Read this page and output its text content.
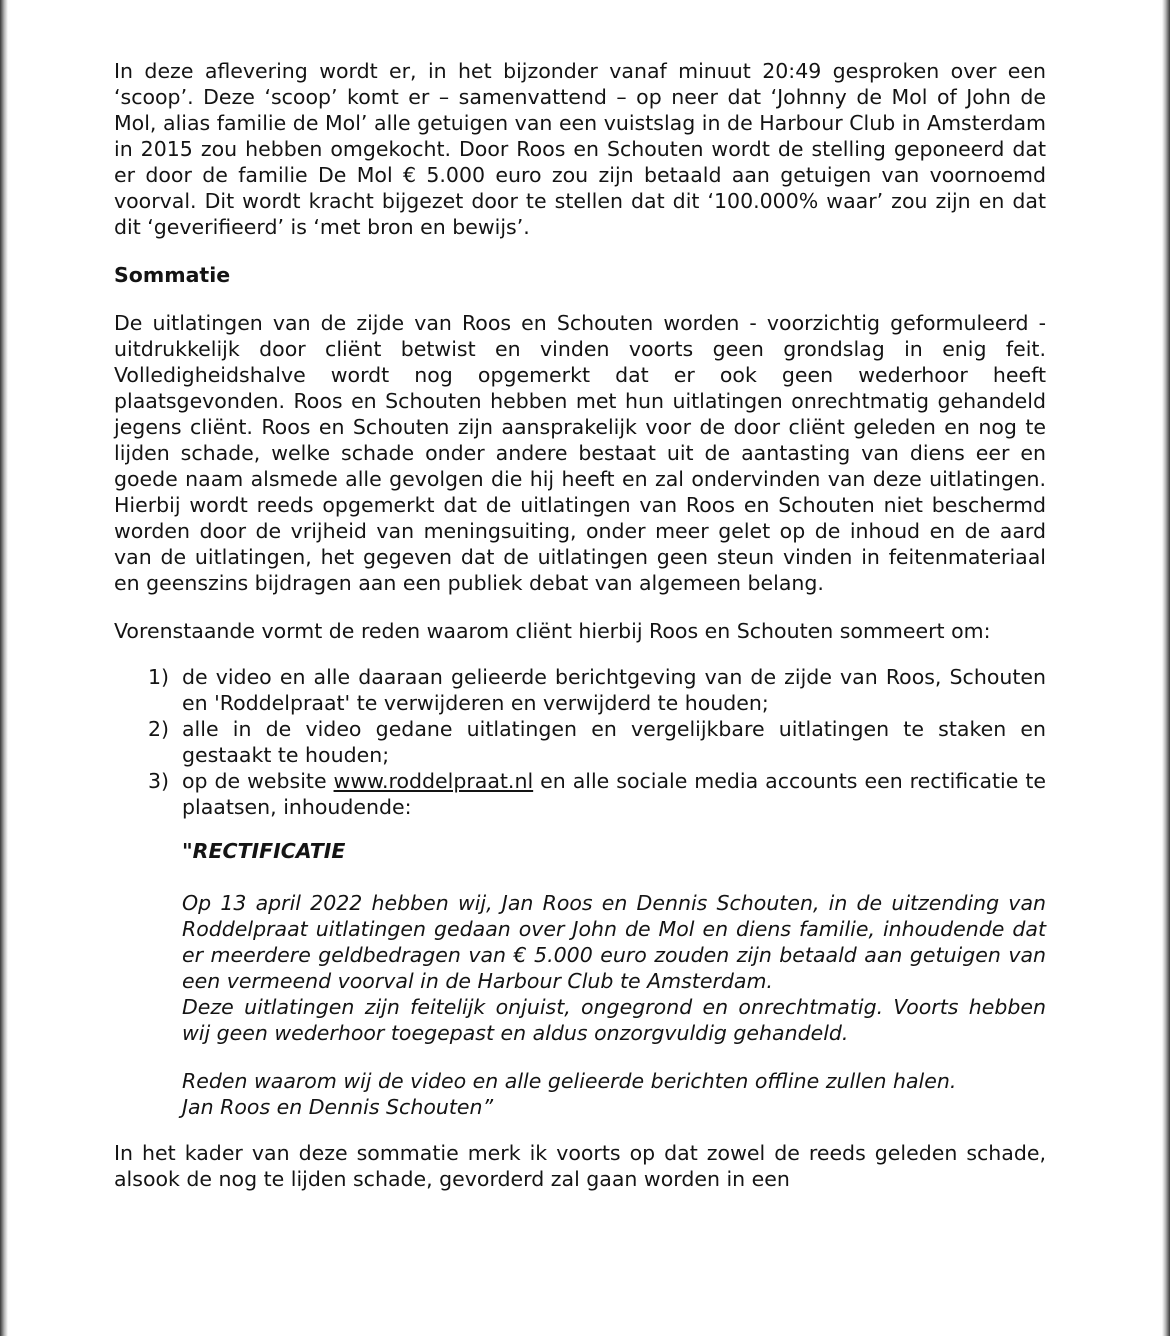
In deze aflevering wordt er, in het bijzonder vanaf minuut 20:49 gesproken over een ‘scoop’. Deze ‘scoop’ komt er – samenvattend – op neer dat ‘Johnny de Mol of John de Mol, alias familie de Mol’ alle getuigen van een vuistslag in de Harbour Club in Amsterdam in 2015 zou hebben omgekocht. Door Roos en Schouten wordt de stelling geponeerd dat er door de familie De Mol € 5.000 euro zou zijn betaald aan getuigen van voornoemd voorval. Dit wordt kracht bijgezet door te stellen dat dit ‘100.000% waar’ zou zijn en dat dit ‘geverifieerd’ is ‘met bron en bewijs’.

Sommatie

De uitlatingen van de zijde van Roos en Schouten worden - voorzichtig geformuleerd - uitdrukkelijk door cliënt betwist en vinden voorts geen grondslag in enig feit. Volledigheidshalve wordt nog opgemerkt dat er ook geen wederhoor heeft plaatsgevonden. Roos en Schouten hebben met hun uitlatingen onrechtmatig gehandeld jegens cliënt. Roos en Schouten zijn aansprakelijk voor de door cliënt geleden en nog te lijden schade, welke schade onder andere bestaat uit de aantasting van diens eer en goede naam alsmede alle gevolgen die hij heeft en zal ondervinden van deze uitlatingen. Hierbij wordt reeds opgemerkt dat de uitlatingen van Roos en Schouten niet beschermd worden door de vrijheid van meningsuiting, onder meer gelet op de inhoud en de aard van de uitlatingen, het gegeven dat de uitlatingen geen steun vinden in feitenmateriaal en geenszins bijdragen aan een publiek debat van algemeen belang.

Vorenstaande vormt de reden waarom cliënt hierbij Roos en Schouten sommeert om:

1) de video en alle daaraan gelieerde berichtgeving van de zijde van Roos, Schouten en 'Roddelpraat' te verwijderen en verwijderd te houden;
2) alle in de video gedane uitlatingen en vergelijkbare uitlatingen te staken en gestaakt te houden;
3) op de website www.roddelpraat.nl en alle sociale media accounts een rectificatie te plaatsen, inhoudende:

"RECTIFICATIE

Op 13 april 2022 hebben wij, Jan Roos en Dennis Schouten, in de uitzending van Roddelpraat uitlatingen gedaan over John de Mol en diens familie, inhoudende dat er meerdere geldbedragen van € 5.000 euro zouden zijn betaald aan getuigen van een vermeend voorval in de Harbour Club te Amsterdam.

Deze uitlatingen zijn feitelijk onjuist, ongegrond en onrechtmatig. Voorts hebben wij geen wederhoor toegepast en aldus onzorgvuldig gehandeld.

Reden waarom wij de video en alle gelieerde berichten offline zullen halen.

Jan Roos en Dennis Schouten”

In het kader van deze sommatie merk ik voorts op dat zowel de reeds geleden schade, alsook de nog te lijden schade, gevorderd zal gaan worden in een
